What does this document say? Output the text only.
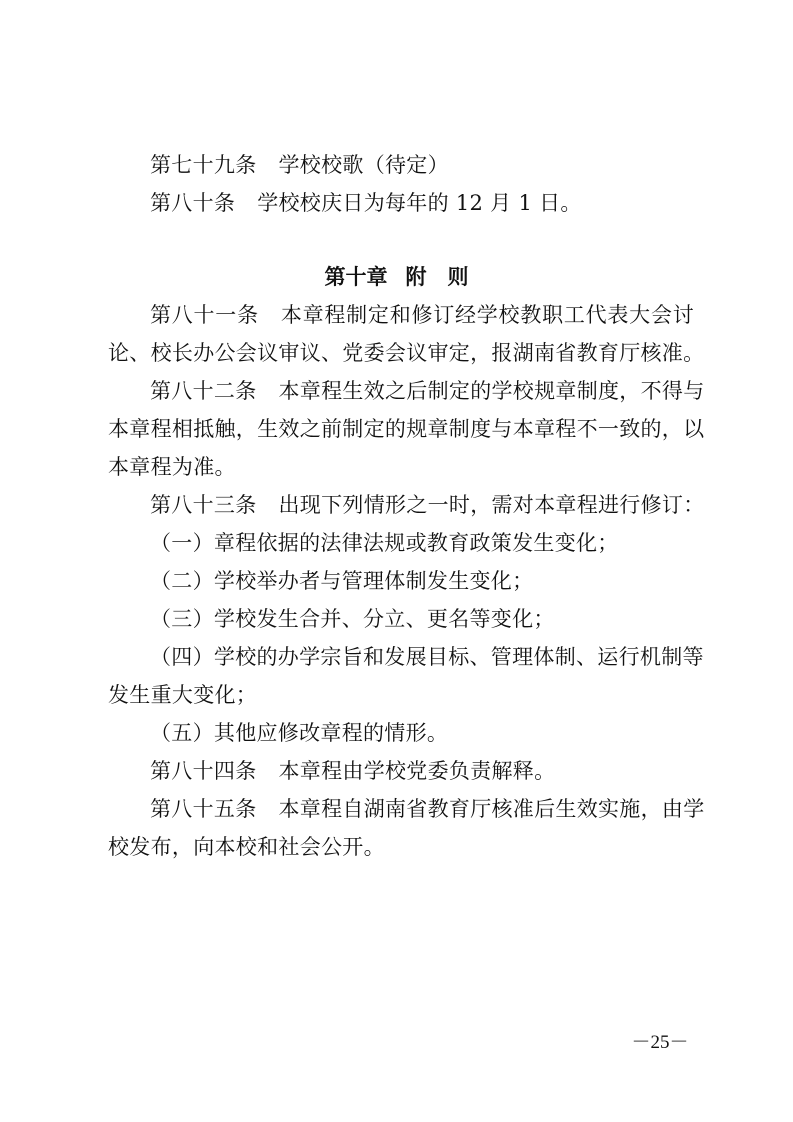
第七十九条 学校校歌（待定）
第八十条 学校校庆日为每年的 12 月 1 日。
第十章 附　则
第八十一条 本章程制定和修订经学校教职工代表大会讨
论、校长办公会议审议、党委会议审定，报湖南省教育厅核准。
第八十二条 本章程生效之后制定的学校规章制度，不得与
本章程相抵触，生效之前制定的规章制度与本章程不一致的，以
本章程为准。
第八十三条 出现下列情形之一时，需对本章程进行修订：
（一）章程依据的法律法规或教育政策发生变化；
（二）学校举办者与管理体制发生变化；
（三）学校发生合并、分立、更名等变化；
（四）学校的办学宗旨和发展目标、管理体制、运行机制等
发生重大变化；
（五）其他应修改章程的情形。
第八十四条 本章程由学校党委负责解释。
第八十五条 本章程自湖南省教育厅核准后生效实施，由学
校发布，向本校和社会公开。
－25－
